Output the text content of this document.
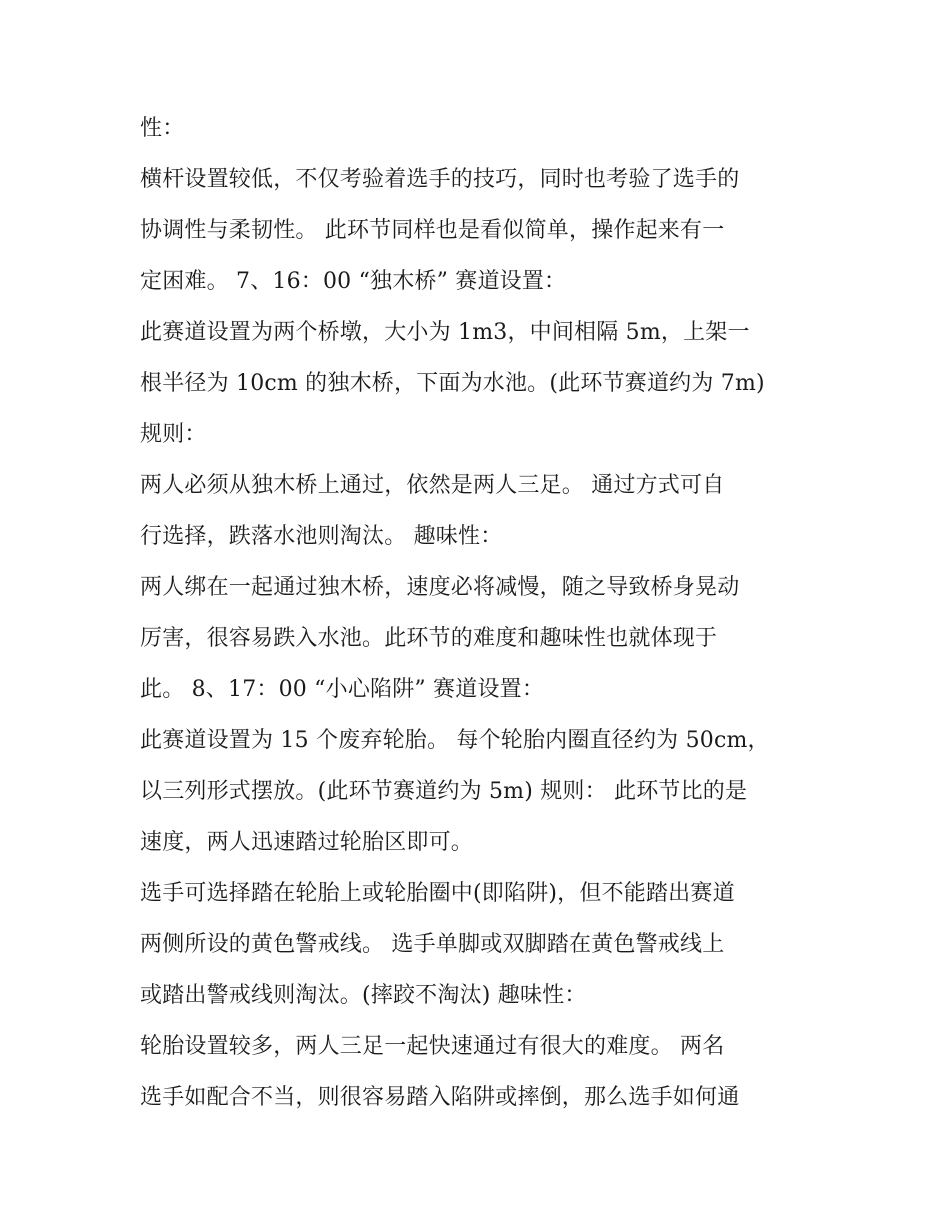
性：
横杆设置较低，不仅考验着选手的技巧，同时也考验了选手的
协调性与柔韧性。 此环节同样也是看似简单，操作起来有一
定困难。 7、16：00 “独木桥” 赛道设置：
此赛道设置为两个桥墩，大小为 1m3，中间相隔 5m，上架一
根半径为 10cm 的独木桥，下面为水池。(此环节赛道约为 7m)
规则：
两人必须从独木桥上通过，依然是两人三足。 通过方式可自
行选择，跌落水池则淘汰。 趣味性：
两人绑在一起通过独木桥，速度必将减慢，随之导致桥身晃动
厉害，很容易跌入水池。此环节的难度和趣味性也就体现于
此。 8、17：00 “小心陷阱” 赛道设置：
此赛道设置为 15 个废弃轮胎。 每个轮胎内圈直径约为 50cm，
以三列形式摆放。(此环节赛道约为 5m) 规则： 此环节比的是
速度，两人迅速踏过轮胎区即可。
选手可选择踏在轮胎上或轮胎圈中(即陷阱)，但不能踏出赛道
两侧所设的黄色警戒线。 选手单脚或双脚踏在黄色警戒线上
或踏出警戒线则淘汰。(摔跤不淘汰) 趣味性：
轮胎设置较多，两人三足一起快速通过有很大的难度。 两名
选手如配合不当，则很容易踏入陷阱或摔倒，那么选手如何通
